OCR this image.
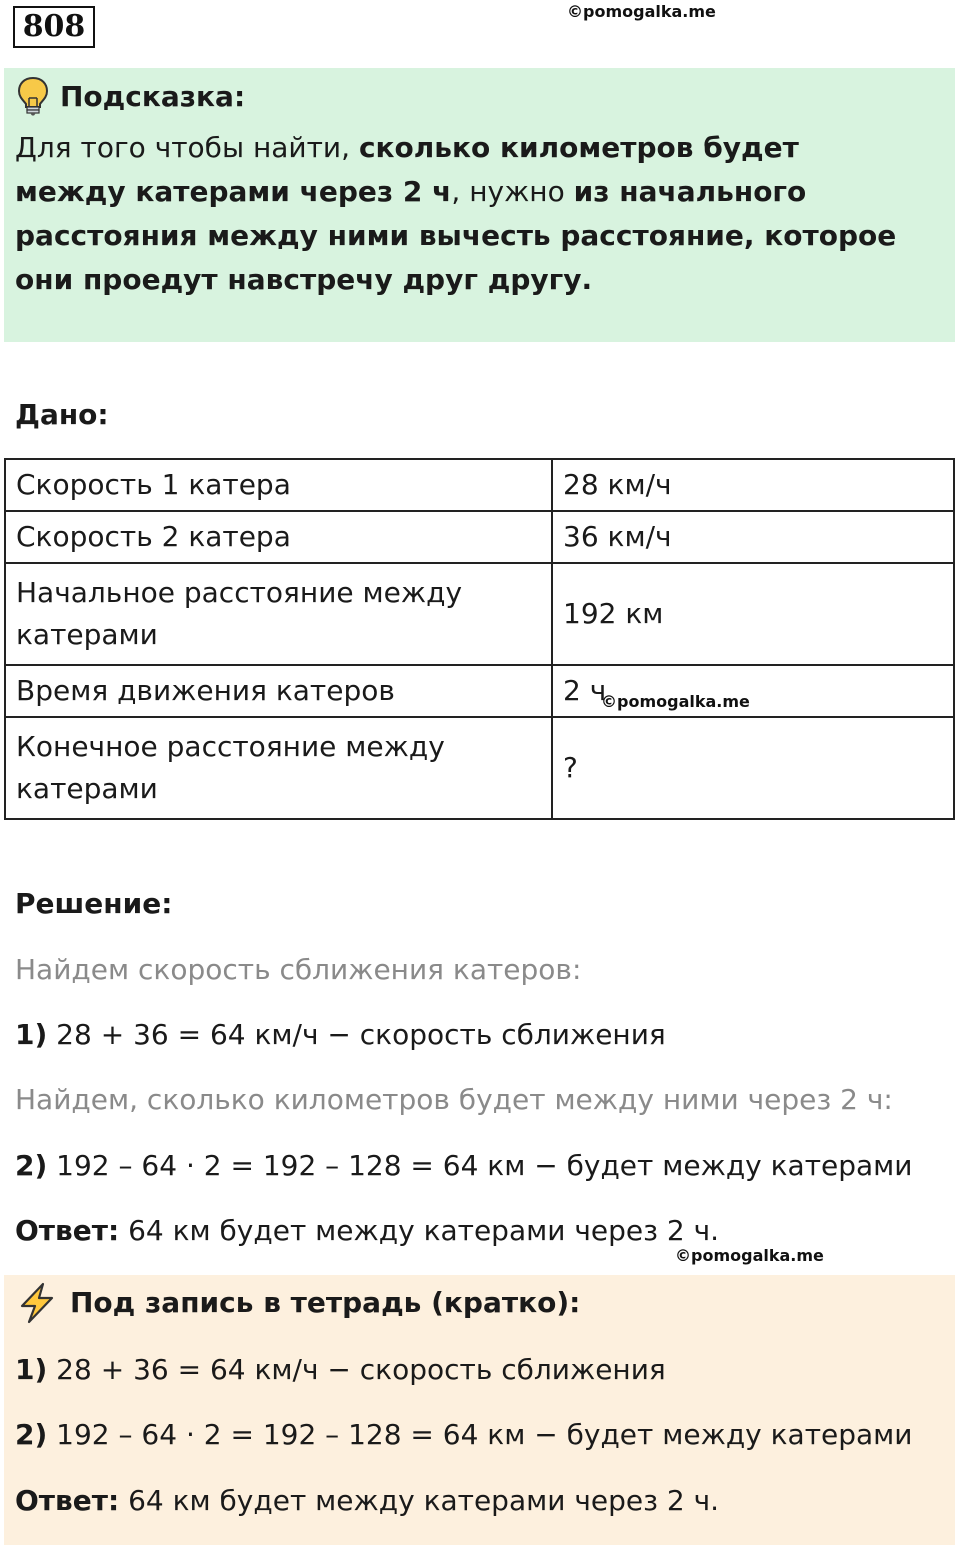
808	©pomogalka.me
Подсказка:
Для того чтобы найти, сколько километров будет между катерами через 2 ч, нужно из начального расстояния между ними вычесть расстояние, которое они проедут навстречу друг другу.
Дано:
Скорость 1 катера	28 км/ч
Скорость 2 катера	36 км/ч
Начальное расстояние между катерами	192 км
Время движения катеров	2 ч
Конечное расстояние между катерами	?
©pomogalka.me
Решение:
Найдем скорость сближения катеров:
1) 28 + 36 = 64 км/ч − скорость сближения
Найдем, сколько километров будет между ними через 2 ч:
2) 192 – 64 · 2 = 192 – 128 = 64 км − будет между катерами
Ответ: 64 км будет между катерами через 2 ч.
©pomogalka.me
Под запись в тетрадь (кратко):
1) 28 + 36 = 64 км/ч − скорость сближения
2) 192 – 64 · 2 = 192 – 128 = 64 км − будет между катерами
Ответ: 64 км будет между катерами через 2 ч.
